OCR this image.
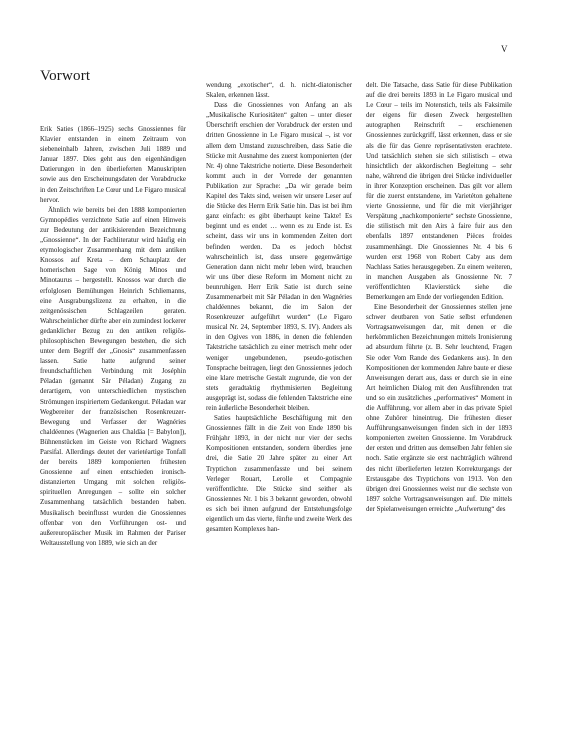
V
Vorwort

Erik Saties (1866–1925) sechs Gnossiennes für Klavier entstanden in einem Zeitraum von siebeneinhalb Jahren, zwischen Juli 1889 und Januar 1897. Dies geht aus den eigenhändigen Datierungen in den überlieferten Manuskripten sowie aus den Erscheinungsdaten der Vorabdrucke in den Zeitschriften Le Cœur und Le Figaro musical hervor.

Ähnlich wie bereits bei den 1888 komponierten Gymnopédies verzichtete Satie auf einen Hinweis zur Bedeutung der antikisierenden Bezeichnung „Gnossienne“. In der Fachliteratur wird häufig ein etymologischer Zusammenhang mit dem antiken Knossos auf Kreta – dem Schauplatz der homerischen Sage von König Minos und Minotaurus – hergestellt. Knossos war durch die erfolglosen Bemühungen Heinrich Schliemanns, eine Ausgrabungslizenz zu erhalten, in die zeitgenössischen Schlagzeilen geraten. Wahrscheinlicher dürfte aber ein zumindest lockerer gedanklicher Bezug zu den antiken religiös-philosophischen Bewegungen bestehen, die sich unter dem Begriff der „Gnosis“ zusammenfassen lassen. Satie hatte aufgrund seiner freundschaftlichen Verbindung mit Joséphin Péladan (genannt Sâr Péladan) Zugang zu derartigem, von unterschiedlichen mystischen Strömungen inspiriertem Gedankengut. Péladan war Wegbereiter der französischen Rosenkreuzer-Bewegung und Verfasser der Wagnéries chaldéennes (Wagnerien aus Chaldäa [= Babylon]), Bühnenstücken im Geiste von Richard Wagners Parsifal. Allerdings deutet der varietéartige Tonfall der bereits 1889 komponierten frühesten Gnossienne auf einen entschieden ironisch-distanzierten Umgang mit solchen religiös-spirituellen Anregungen – sollte ein solcher Zusammenhang tatsächlich bestanden haben. Musikalisch beeinflusst wurden die Gnossiennes offenbar von den Vorführungen ost- und außereuropäischer Musik im Rahmen der Pariser Weltausstellung von 1889, wie sich an der

wendung „exotischer“, d. h. nicht-diatonischer Skalen, erkennen lässt.

Dass die Gnossiennes von Anfang an als „Musikalische Kuriositäten“ galten – unter dieser Überschrift erschien der Vorabdruck der ersten und dritten Gnossienne in Le Figaro musical –, ist vor allem dem Umstand zuzuschreiben, dass Satie die Stücke mit Ausnahme des zuerst komponierten (der Nr. 4) ohne Taktstriche notierte. Diese Besonderheit kommt auch in der Vorrede der genannten Publikation zur Sprache: „Da wir gerade beim Kapitel des Takts sind, weisen wir unsere Leser auf die Stücke des Herrn Erik Satie hin. Das ist bei ihm ganz einfach: es gibt überhaupt keine Takte! Es beginnt und es endet … wenn es zu Ende ist. Es scheint, dass wir uns in kommenden Zeiten dort befinden werden. Da es jedoch höchst wahrscheinlich ist, dass unsere gegenwärtige Generation dann nicht mehr leben wird, brauchen wir uns über diese Reform im Moment nicht zu beunruhigen. Herr Erik Satie ist durch seine Zusammenarbeit mit Sâr Péladan in den Wagnéries chaldéennes bekannt, die im Salon der Rosenkreuzer aufgeführt wurden“ (Le Figaro musical Nr. 24, September 1893, S. IV). Anders als in den Ogives von 1886, in denen die fehlenden Taktstriche tatsächlich zu einer metrisch mehr oder weniger ungebundenen, pseudo-gotischen Tonsprache beitragen, liegt den Gnossiennes jedoch eine klare metrische Gestalt zugrunde, die von der stets geradtaktig rhythmisierten Begleitung ausgeprägt ist, sodass die fehlenden Taktstriche eine rein äußerliche Besonderheit bleiben.

Saties hauptsächliche Beschäftigung mit den Gnossiennes fällt in die Zeit von Ende 1890 bis Frühjahr 1893, in der nicht nur vier der sechs Kompositionen entstanden, sondern überdies jene drei, die Satie 20 Jahre später zu einer Art Tryptichon zusammenfasste und bei seinem Verleger Rouart, Lerolle et Compagnie veröffentlichte. Die Stücke sind seither als Gnossiennes Nr. 1 bis 3 bekannt geworden, obwohl es sich bei ihnen aufgrund der Entstehungsfolge eigentlich um das vierte, fünfte und zweite Werk des gesamten Komplexes han-

delt. Die Tatsache, dass Satie für diese Publikation auf die drei bereits 1893 in Le Figaro musical und Le Cœur – teils im Notenstich, teils als Faksimile der eigens für diesen Zweck hergestellten autographen Reinschrift – erschienenen Gnossiennes zurückgriff, lässt erkennen, dass er sie als die für das Genre repräsentativsten erachtete. Und tatsächlich stehen sie sich stilistisch – etwa hinsichtlich der akkordischen Begleitung – sehr nahe, während die übrigen drei Stücke individueller in ihrer Konzeption erscheinen. Das gilt vor allem für die zuerst entstandene, im Varietéton gehaltene vierte Gnossienne, und für die mit vierjähriger Verspätung „nachkomponierte“ sechste Gnossienne, die stilistisch mit den Airs à faire fuir aus den ebenfalls 1897 entstandenen Pièces froides zusammenhängt. Die Gnossiennes Nr. 4 bis 6 wurden erst 1968 von Robert Caby aus dem Nachlass Saties herausgegeben. Zu einem weiteren, in manchen Ausgaben als Gnossienne Nr. 7 veröffentlichten Klavierstück siehe die Bemerkungen am Ende der vorliegenden Edition.

Eine Besonderheit der Gnossiennes stellen jene schwer deutbaren von Satie selbst erfundenen Vortragsanweisungen dar, mit denen er die herkömmlichen Bezeichnungen mittels Ironisierung ad absurdum führte (z. B. Sehr leuchtend, Fragen Sie oder Vom Rande des Gedankens aus). In den Kompositionen der kommenden Jahre baute er diese Anweisungen derart aus, dass er durch sie in eine Art heimlichen Dialog mit den Ausführenden trat und so ein zusätzliches „performatives“ Moment in die Aufführung, vor allem aber in das private Spiel ohne Zuhörer hineintrug. Die frühesten dieser Aufführungsanweisungen finden sich in der 1893 komponierten zweiten Gnossienne. Im Vorabdruck der ersten und dritten aus demselben Jahr fehlen sie noch. Satie ergänzte sie erst nachträglich während des nicht überlieferten letzten Korrekturgangs der Erstausgabe des Tryptichons von 1913. Von den übrigen drei Gnossiennes weist nur die sechste von 1897 solche Vortragsanweisungen auf. Die mittels der Spielanweisungen erreichte „Aufwertung“ des
